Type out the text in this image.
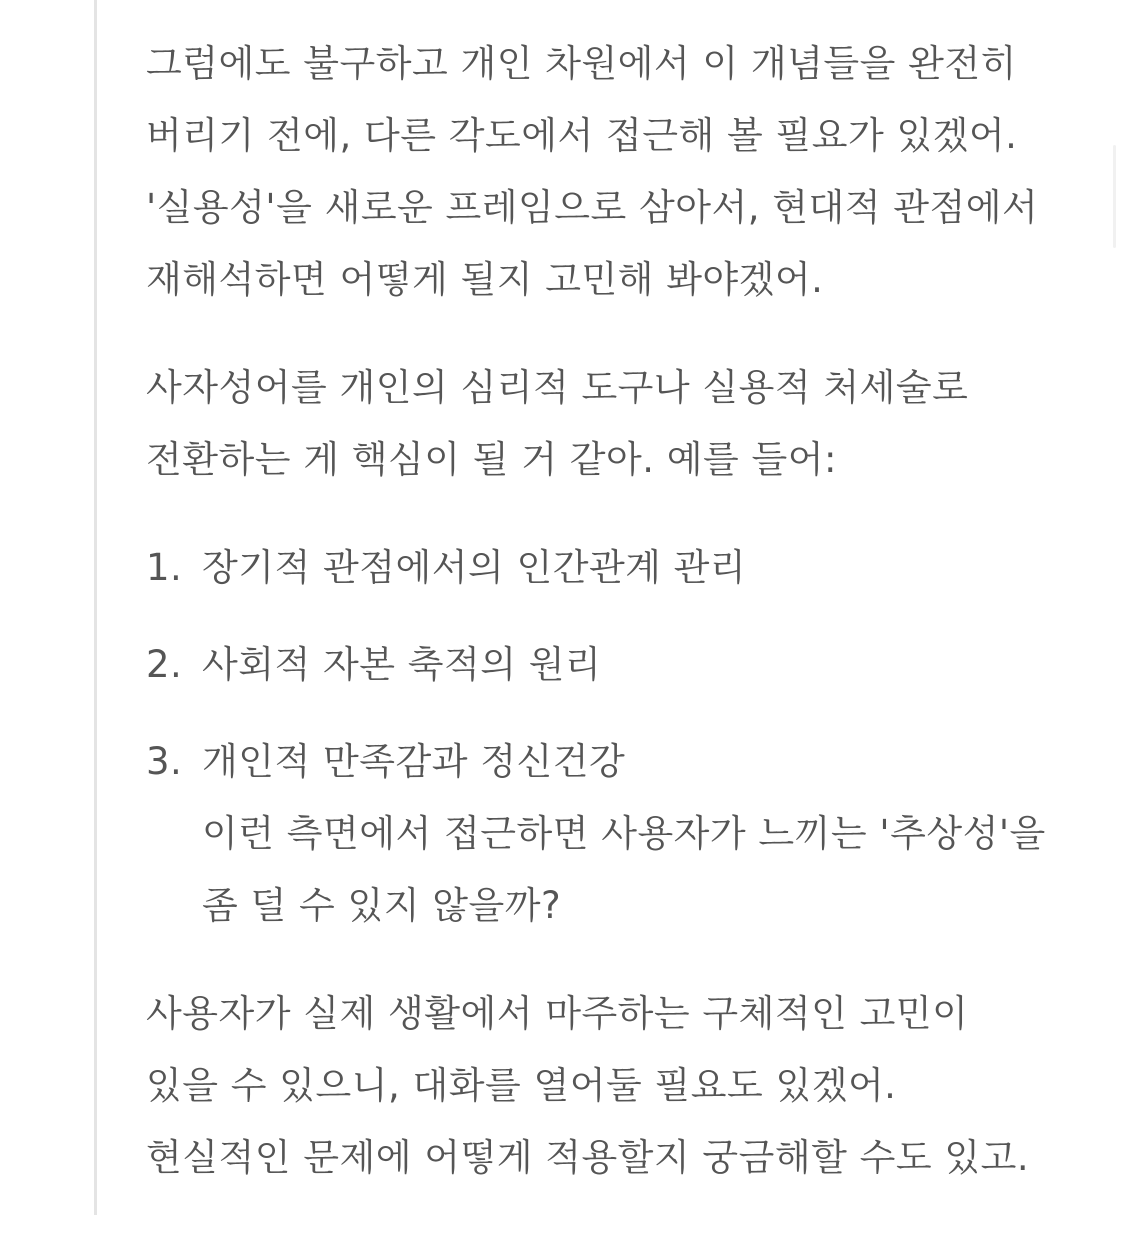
그럼에도 불구하고 개인 차원에서 이 개념들을 완전히 버리기 전에, 다른 각도에서 접근해 볼 필요가 있겠어. '실용성'을 새로운 프레임으로 삼아서, 현대적 관점에서 재해석하면 어떻게 될지 고민해 봐야겠어.

사자성어를 개인의 심리적 도구나 실용적 처세술로 전환하는 게 핵심이 될 거 같아. 예를 들어:

1. 장기적 관점에서의 인간관계 관리
2. 사회적 자본 축적의 원리
3. 개인적 만족감과 정신건강
이런 측면에서 접근하면 사용자가 느끼는 '추상성'을 좀 덜 수 있지 않을까?

사용자가 실제 생활에서 마주하는 구체적인 고민이 있을 수 있으니, 대화를 열어둘 필요도 있겠어. 현실적인 문제에 어떻게 적용할지 궁금해할 수도 있고.
